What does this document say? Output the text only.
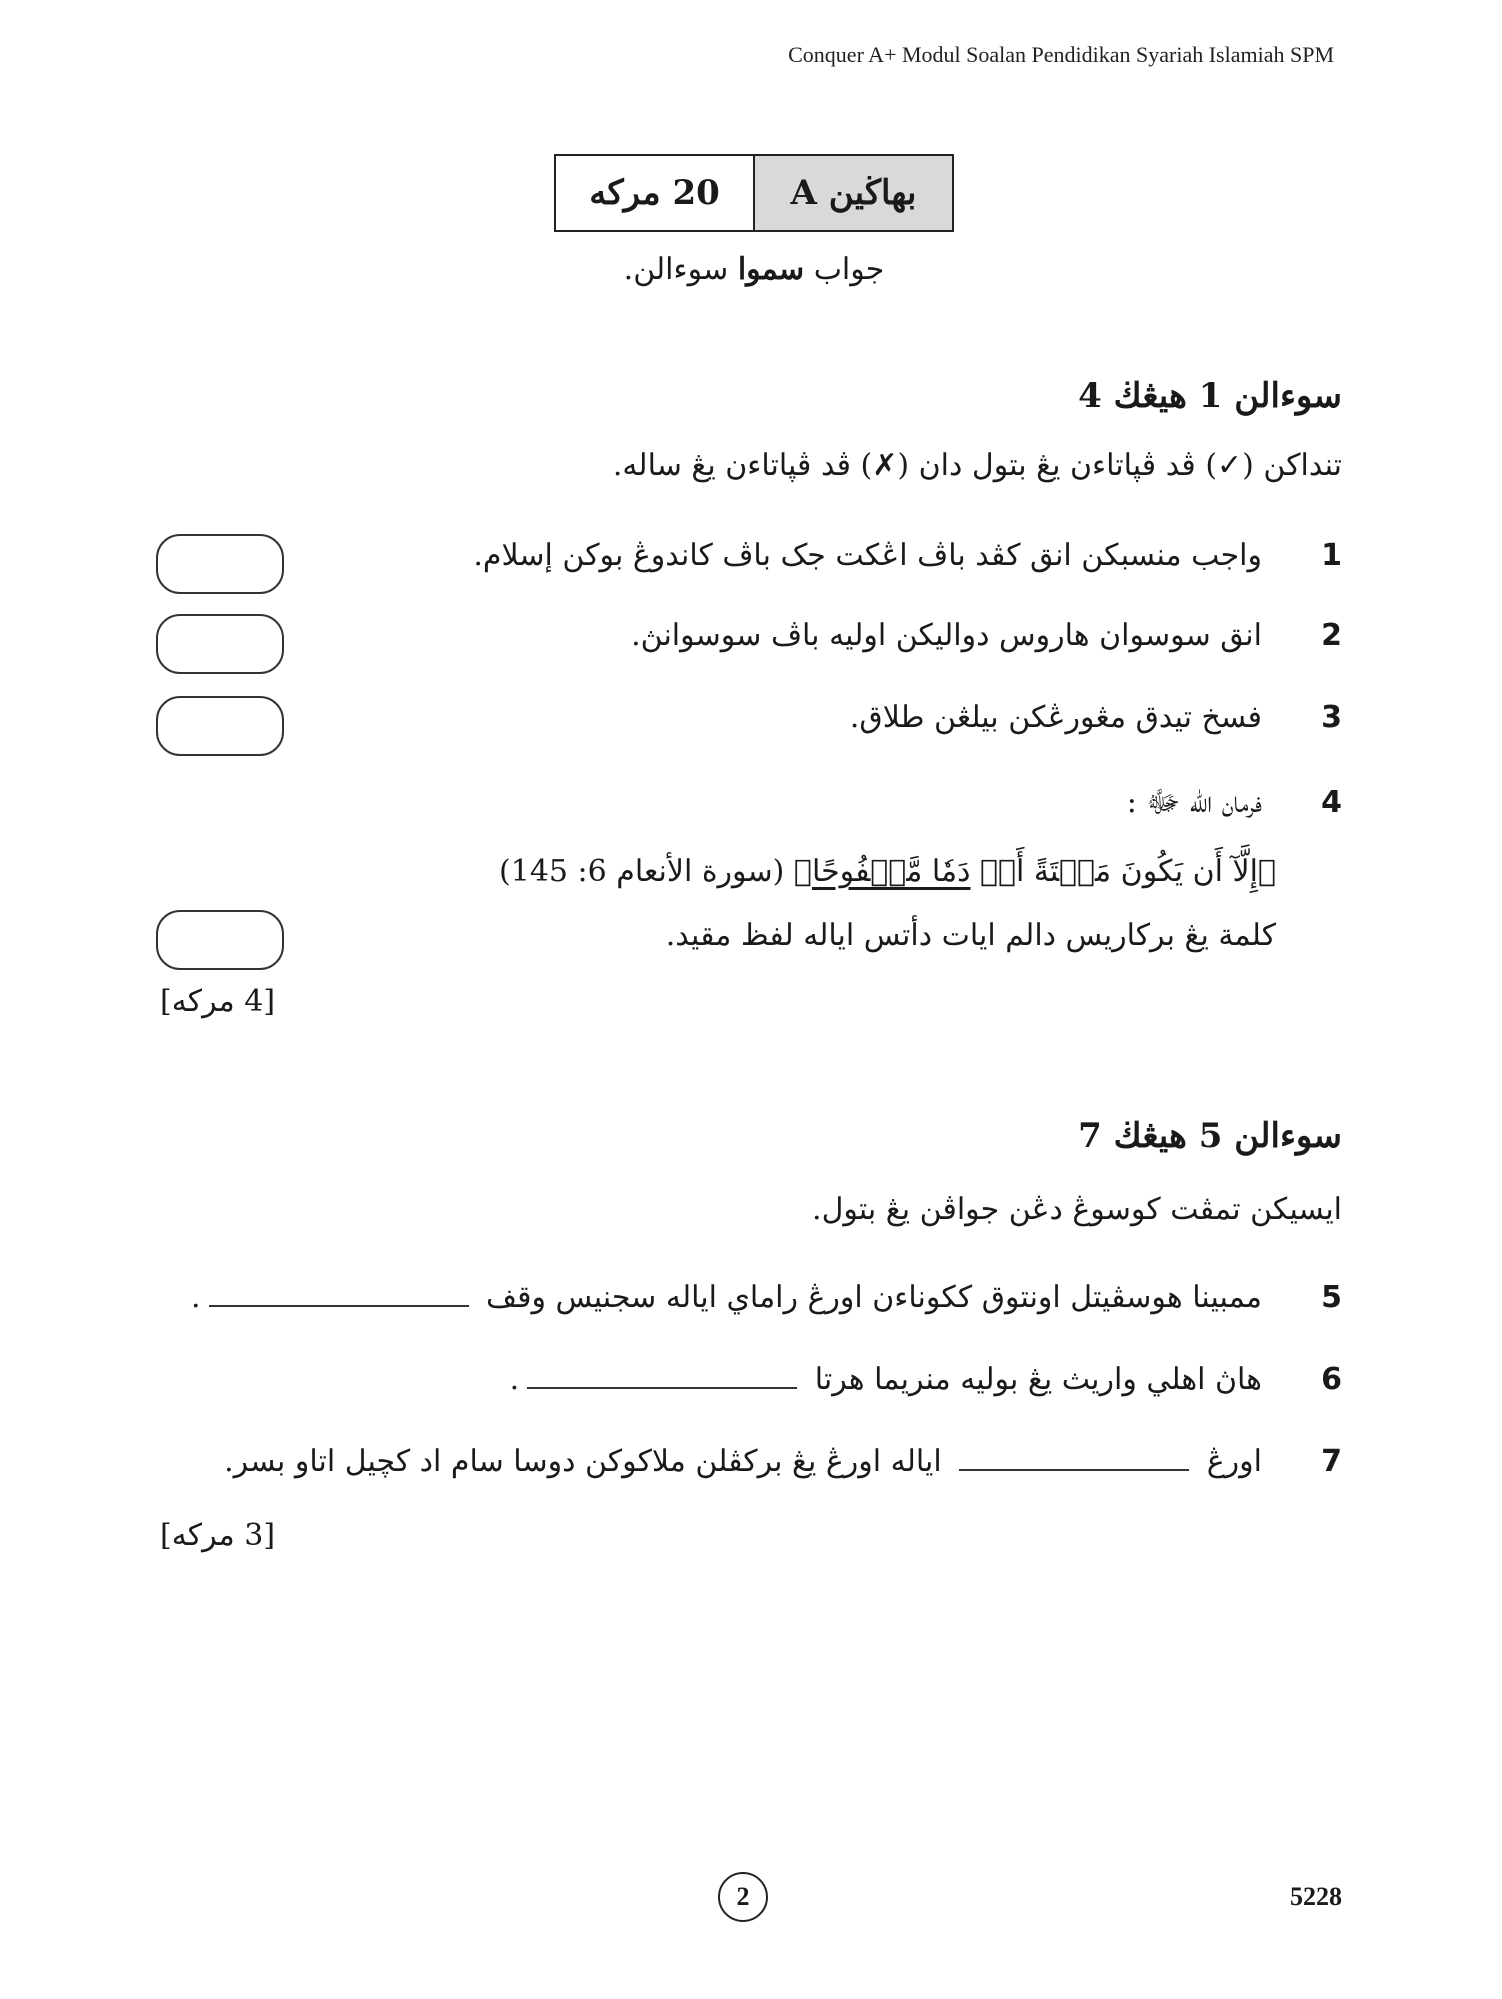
Conquer A+ Modul Soalan Pendidikan Syariah Islamiah SPM
20 مركه	بهاڬين A
جواب سموا سوءالن.
سوءالن 1 هيڠڬ 4
تنداكن (✓) ڤد ڤپاتاءن يڠ بتول دان (✗) ڤد ڤپاتاءن يڠ ساله.
1
واجب منسبكن انق كڤد باڤ اڠكت جک باڤ كاندوڠ بوكن إسلام.
2
انق سوسوان هاروس دواليكن اوليه باڤ سوسوانڽ.
3
فسخ تيدق مڠورڠكن بيلڠن طلاق.
4
فرمان الله ﷻ :
﴿إِلَّآ أَن يَكُونَ مَيۡتَةً أَوۡ دَمٗا مَّسۡفُوحًا﴾ (سورة الأنعام 6: 145)
كلمة يڠ بركاريس دالم ايات دأتس اياله لفظ مقيد.
[4 مركه]
سوءالن 5 هيڠڬ 7
ايسيكن تمڤت كوسوڠ دڠن جواڤن يڠ بتول.
5
ممبينا هوسڤيتل اونتوق ككوناءن اورڠ راماي اياله سجنيس وقف .
6
هاڽ اهلي واريث يڠ بوليه منريما هرتا .
7
اورڠ  اياله اورڠ يڠ بركڤلن ملاكوكن دوسا سام اد كچيل اتاو بسر.
[3 مركه]
2	5228
